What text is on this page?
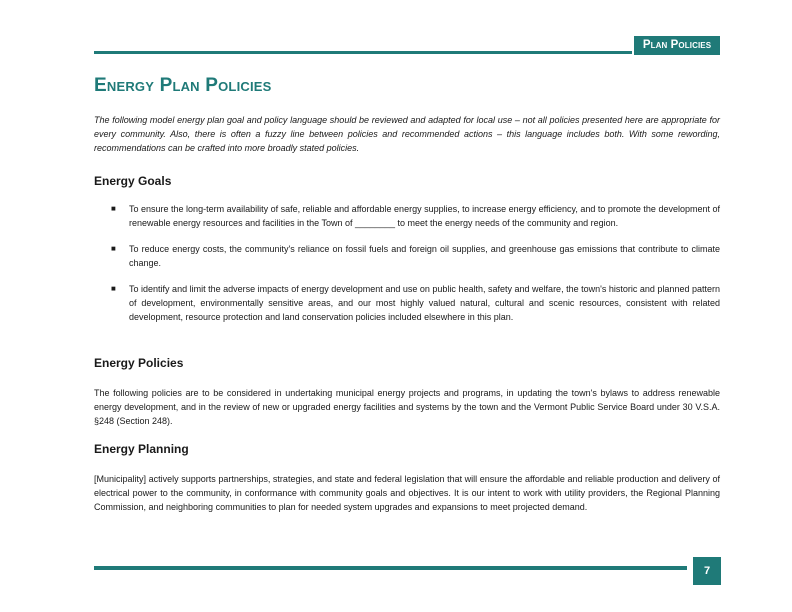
Plan Policies
Energy Plan Policies

The following model energy plan goal and policy language should be reviewed and adapted for local use – not all policies presented here are appropriate for every community. Also, there is often a fuzzy line between policies and recommended actions – this language includes both. With some rewording, recommendations can be crafted into more broadly stated policies.

Energy Goals
■ To ensure the long-term availability of safe, reliable and affordable energy supplies, to increase energy efficiency, and to promote the development of renewable energy resources and facilities in the Town of ________ to meet the energy needs of the community and region.
■ To reduce energy costs, the community's reliance on fossil fuels and foreign oil supplies, and greenhouse gas emissions that contribute to climate change.
■ To identify and limit the adverse impacts of energy development and use on public health, safety and welfare, the town's historic and planned pattern of development, environmentally sensitive areas, and our most highly valued natural, cultural and scenic resources, consistent with related development, resource protection and land conservation policies included elsewhere in this plan.
Energy Policies

The following policies are to be considered in undertaking municipal energy projects and programs, in updating the town's bylaws to address renewable energy development, and in the review of new or upgraded energy facilities and systems by the town and the Vermont Public Service Board under 30 V.S.A. §248 (Section 248).

Energy Planning

[Municipality] actively supports partnerships, strategies, and state and federal legislation that will ensure the affordable and reliable production and delivery of electrical power to the community, in conformance with community goals and objectives. It is our intent to work with utility providers, the Regional Planning Commission, and neighboring communities to plan for needed system upgrades and expansions to meet projected demand.

7
